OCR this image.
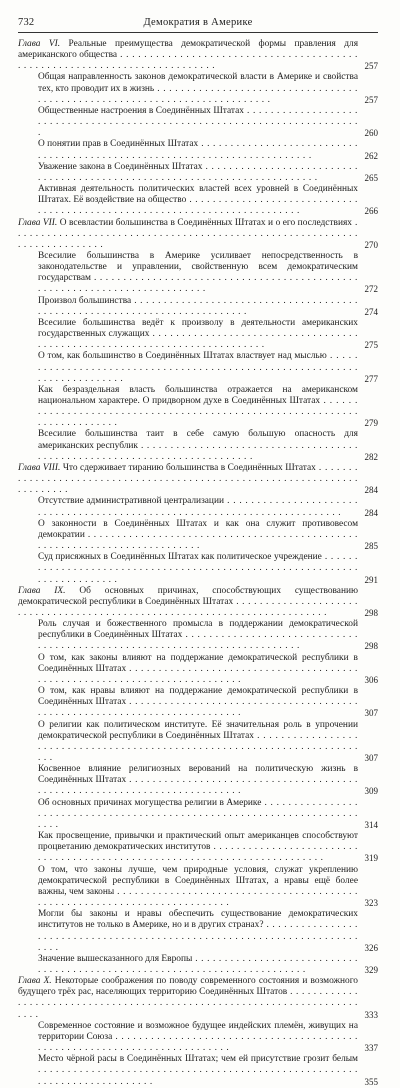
732	Демократия в Америке
Глава VI. Реальные преимущества демократической формы правления для американского общества . . .
257
Общая направленность законов демократической власти в Америке и свойства тех, кто проводит их в жизнь . . .
257
Общественные настроения в Соединённых Штатах . . .
260
О понятии прав в Соединённых Штатах . . .
262
Уважение закона в Соединённых Штатах . . .
265
Активная деятельность политических властей всех уровней в Соединённых Штатах. Её воздействие на общество . . .
266
Глава VII. О всевластии большинства в Соединённых Штатах и о его последствиях . . .
270
Всесилие большинства в Америке усиливает непосредственность в законодательстве и управлении, свойственную всем демократическим государствам . . .
272
Произвол большинства . . .
274
Всесилие большинства ведёт к произволу в деятельности американских государственных служащих . . .
275
О том, как большинство в Соединённых Штатах властвует над мыслью . . .
277
Как безраздельная власть большинства отражается на американском национальном характере. О придворном духе в Соединённых Штатах . . .
279
Всесилие большинства таит в себе самую большую опасность для американских республик . . .
282
Глава VIII. Что сдерживает тиранию большинства в Соединённых Штатах . . .
284
Отсутствие административной централизации . . .
284
О законности в Соединённых Штатах и как она служит противовесом демократии . . .
285
Суд присяжных в Соединённых Штатах как политическое учреждение . . .
291
Глава IX. Об основных причинах, способствующих существованию демократической республики в Соединённых Штатах . . .
298
Роль случая и божественного промысла в поддержании демократической республики в Соединённых Штатах . . .
298
О том, как законы влияют на поддержание демократической республики в Соединённых Штатах . . .
306
О том, как нравы влияют на поддержание демократической республики в Соединённых Штатах . . .
307
О религии как политическом институте. Её значительная роль в упрочении демократической республики в Соединённых Штатах . . .
307
Косвенное влияние религиозных верований на политическую жизнь в Соединённых Штатах . . .
309
Об основных причинах могущества религии в Америке . . .
314
Как просвещение, привычки и практический опыт американцев способствуют процветанию демократических институтов . . .
319
О том, что законы лучше, чем природные условия, служат укреплению демократической республики в Соединённых Штатах, а нравы ещё более важны, чем законы . . .
323
Могли бы законы и нравы обеспечить существование демократических институтов не только в Америке, но и в других странах? . . .
326
Значение вышесказанного для Европы . . .
329
Глава X. Некоторые соображения по поводу современного состояния и возможного будущего трёх рас, населяющих территорию Соединённых Штатов . . .
333
Современное состояние и возможное будущее индейских племён, живущих на территории Союза . . .
337
Место чёрной расы в Соединённых Штатах; чем ей присутствие грозит белым . . .
355
